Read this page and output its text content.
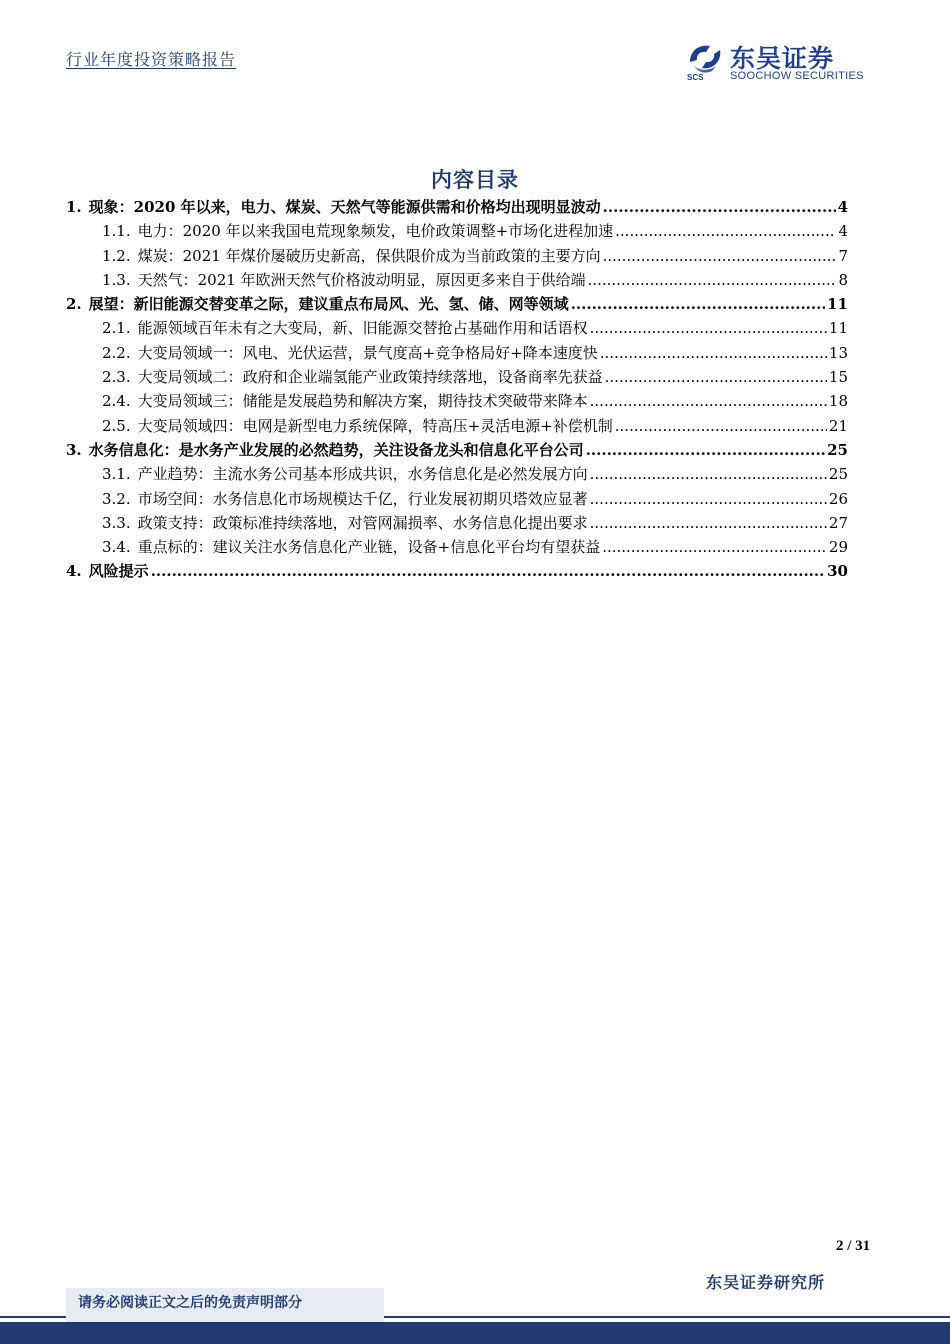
行业年度投资策略报告
SCS
东吴证券
SOOCHOW SECURITIES
内容目录
1. 现象：2020 年以来，电力、煤炭、天然气等能源供需和价格均出现明显波动 .....	4
1.1. 电力：2020 年以来我国电荒现象频发，电价政策调整+市场化进程加速 .....	4
1.2. 煤炭：2021 年煤价屡破历史新高，保供限价成为当前政策的主要方向 .....	7
1.3. 天然气：2021 年欧洲天然气价格波动明显，原因更多来自于供给端 .....	8
2. 展望：新旧能源交替变革之际，建议重点布局风、光、氢、储、网等领域 .....	11
2.1. 能源领域百年未有之大变局，新、旧能源交替抢占基础作用和话语权 .....	11
2.2. 大变局领域一：风电、光伏运营，景气度高+竞争格局好+降本速度快 .....	13
2.3. 大变局领域二：政府和企业端氢能产业政策持续落地，设备商率先获益 .....	15
2.4. 大变局领域三：储能是发展趋势和解决方案，期待技术突破带来降本 .....	18
2.5. 大变局领域四：电网是新型电力系统保障，特高压+灵活电源+补偿机制 .....	21
3. 水务信息化：是水务产业发展的必然趋势，关注设备龙头和信息化平台公司 .....	25
3.1. 产业趋势：主流水务公司基本形成共识，水务信息化是必然发展方向 .....	25
3.2. 市场空间：水务信息化市场规模达千亿，行业发展初期贝塔效应显著 .....	26
3.3. 政策支持：政策标准持续落地，对管网漏损率、水务信息化提出要求 .....	27
3.4. 重点标的：建议关注水务信息化产业链，设备+信息化平台均有望获益 .....	29
4. 风险提示 .....	30
2 / 31
东吴证券研究所
请务必阅读正文之后的免责声明部分
